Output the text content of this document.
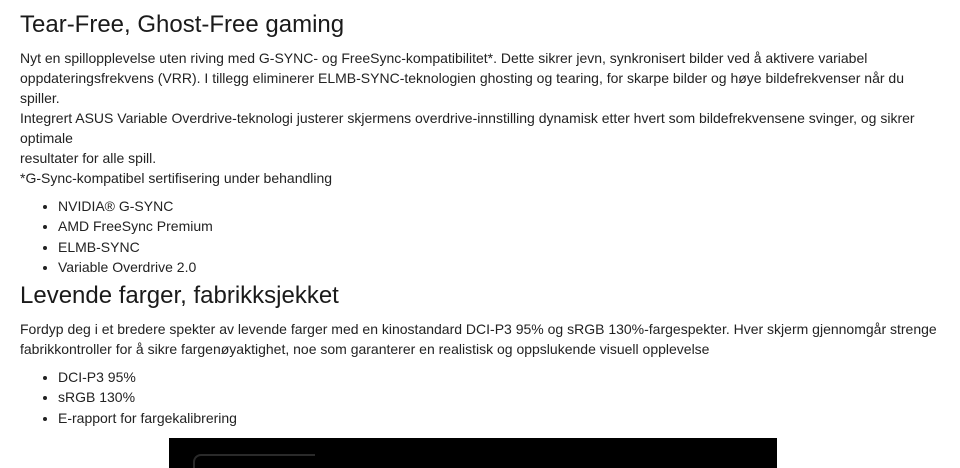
Tear-Free, Ghost-Free gaming

Nyt en spillopplevelse uten riving med G-SYNC- og FreeSync-kompatibilitet*. Dette sikrer jevn, synkronisert bilder ved å aktivere variabel

oppdateringsfrekvens (VRR). I tillegg eliminerer ELMB-SYNC-teknologien ghosting og tearing, for skarpe bilder og høye bildefrekvenser når du spiller.

Integrert ASUS Variable Overdrive-teknologi justerer skjermens overdrive-innstilling dynamisk etter hvert som bildefrekvensene svinger, og sikrer optimale

resultater for alle spill.

*G-Sync-kompatibel sertifisering under behandling

• NVIDIA® G-SYNC
• AMD FreeSync Premium
• ELMB-SYNC
• Variable Overdrive 2.0
Levende farger, fabrikksjekket

Fordyp deg i et bredere spekter av levende farger med en kinostandard DCI-P3 95% og sRGB 130%-fargespekter. Hver skjerm gjennomgår strenge

fabrikkontroller for å sikre fargenøyaktighet, noe som garanterer en realistisk og oppslukende visuell opplevelse

• DCI-P3 95%
• sRGB 130%
• E-rapport for fargekalibrering
